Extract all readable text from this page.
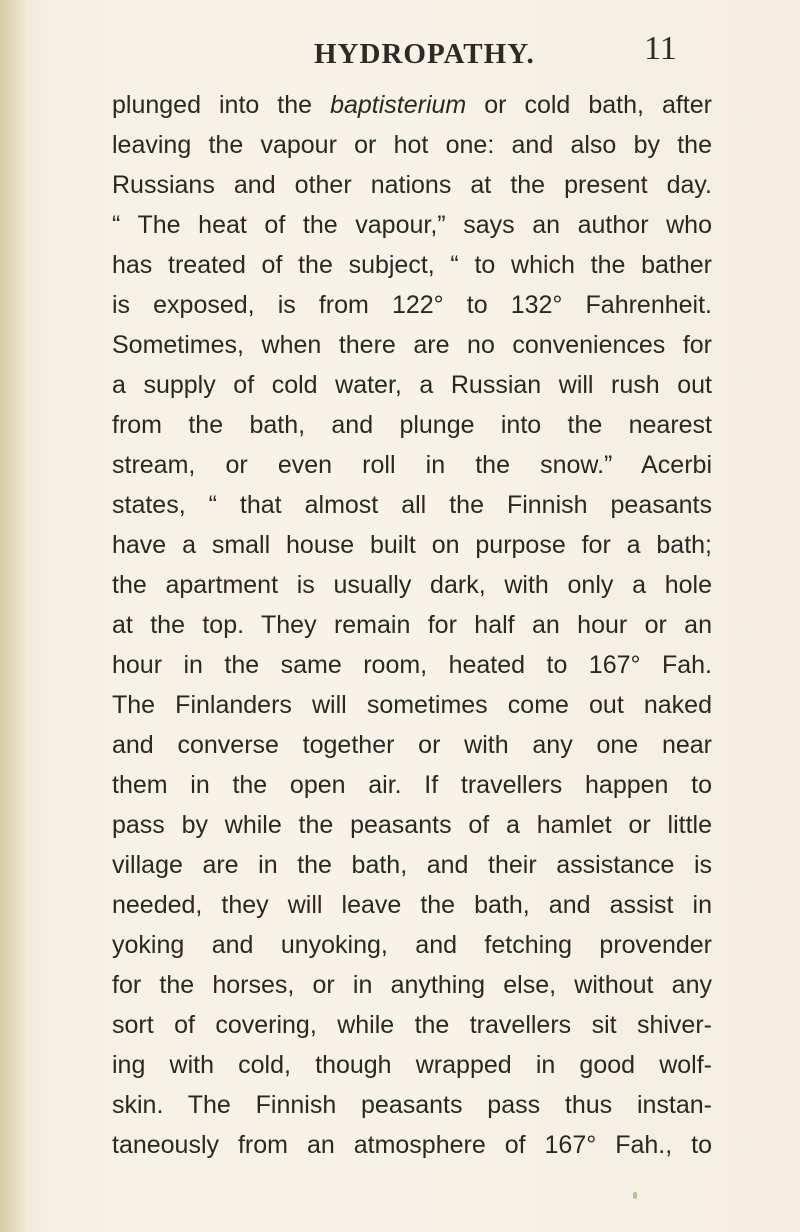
HYDROPATHY.	11
plunged into the baptisterium or cold bath, after
leaving the vapour or hot one: and also by the
Russians and other nations at the present day.
“ The heat of the vapour,” says an author who
has treated of the subject, “ to which the bather
is exposed, is from 122° to 132° Fahrenheit.
Sometimes, when there are no conveniences for
a supply of cold water, a Russian will rush out
from the bath, and plunge into the nearest
stream, or even roll in the snow.” Acerbi
states, “ that almost all the Finnish peasants
have a small house built on purpose for a bath;
the apartment is usually dark, with only a hole
at the top. They remain for half an hour or an
hour in the same room, heated to 167° Fah.
The Finlanders will sometimes come out naked
and converse together or with any one near
them in the open air. If travellers happen to
pass by while the peasants of a hamlet or little
village are in the bath, and their assistance is
needed, they will leave the bath, and assist in
yoking and unyoking, and fetching provender
for the horses, or in anything else, without any
sort of covering, while the travellers sit shiver-
ing with cold, though wrapped in good wolf-
skin. The Finnish peasants pass thus instan-
taneously from an atmosphere of 167° Fah., to
